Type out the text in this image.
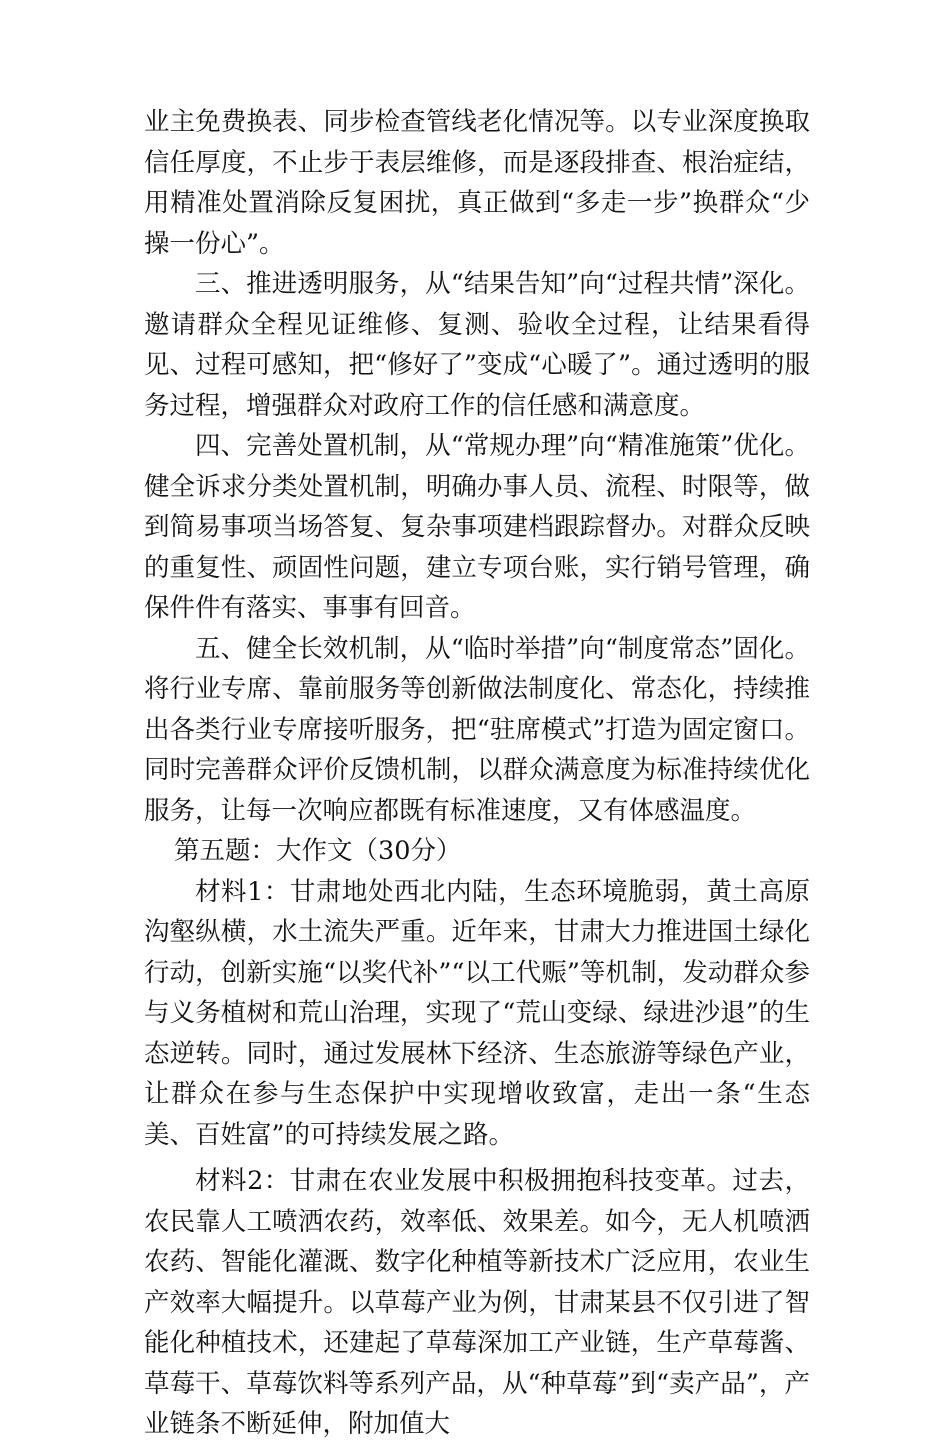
业主免费换表、同步检查管线老化情况等。以专业深度换取信任厚度，不止步于表层维修，而是逐段排查、根治症结，用精准处置消除反复困扰，真正做到“多走一步”换群众“少操一份心”。

三、推进透明服务，从“结果告知”向“过程共情”深化。邀请群众全程见证维修、复测、验收全过程，让结果看得见、过程可感知，把“修好了”变成“心暖了”。通过透明的服务过程，增强群众对政府工作的信任感和满意度。

四、完善处置机制，从“常规办理”向“精准施策”优化。健全诉求分类处置机制，明确办事人员、流程、时限等，做到简易事项当场答复、复杂事项建档跟踪督办。对群众反映的重复性、顽固性问题，建立专项台账，实行销号管理，确保件件有落实、事事有回音。

五、健全长效机制，从“临时举措”向“制度常态”固化。将行业专席、靠前服务等创新做法制度化、常态化，持续推出各类行业专席接听服务，把“驻席模式”打造为固定窗口。同时完善群众评价反馈机制，以群众满意度为标准持续优化服务，让每一次响应都既有标准速度，又有体感温度。

第五题：大作文（30分）

材料1：甘肃地处西北内陆，生态环境脆弱，黄土高原沟壑纵横，水土流失严重。近年来，甘肃大力推进国土绿化行动，创新实施“以奖代补”“以工代赈”等机制，发动群众参与义务植树和荒山治理，实现了“荒山变绿、绿进沙退”的生态逆转。同时，通过发展林下经济、生态旅游等绿色产业，让群众在参与生态保护中实现增收致富，走出一条“生态美、百姓富”的可持续发展之路。

材料2：甘肃在农业发展中积极拥抱科技变革。过去，农民靠人工喷洒农药，效率低、效果差。如今，无人机喷洒农药、智能化灌溉、数字化种植等新技术广泛应用，农业生产效率大幅提升。以草莓产业为例，甘肃某县不仅引进了智能化种植技术，还建起了草莓深加工产业链，生产草莓酱、草莓干、草莓饮料等系列产品，从“种草莓”到“卖产品”，产业链条不断延伸，附加值大
